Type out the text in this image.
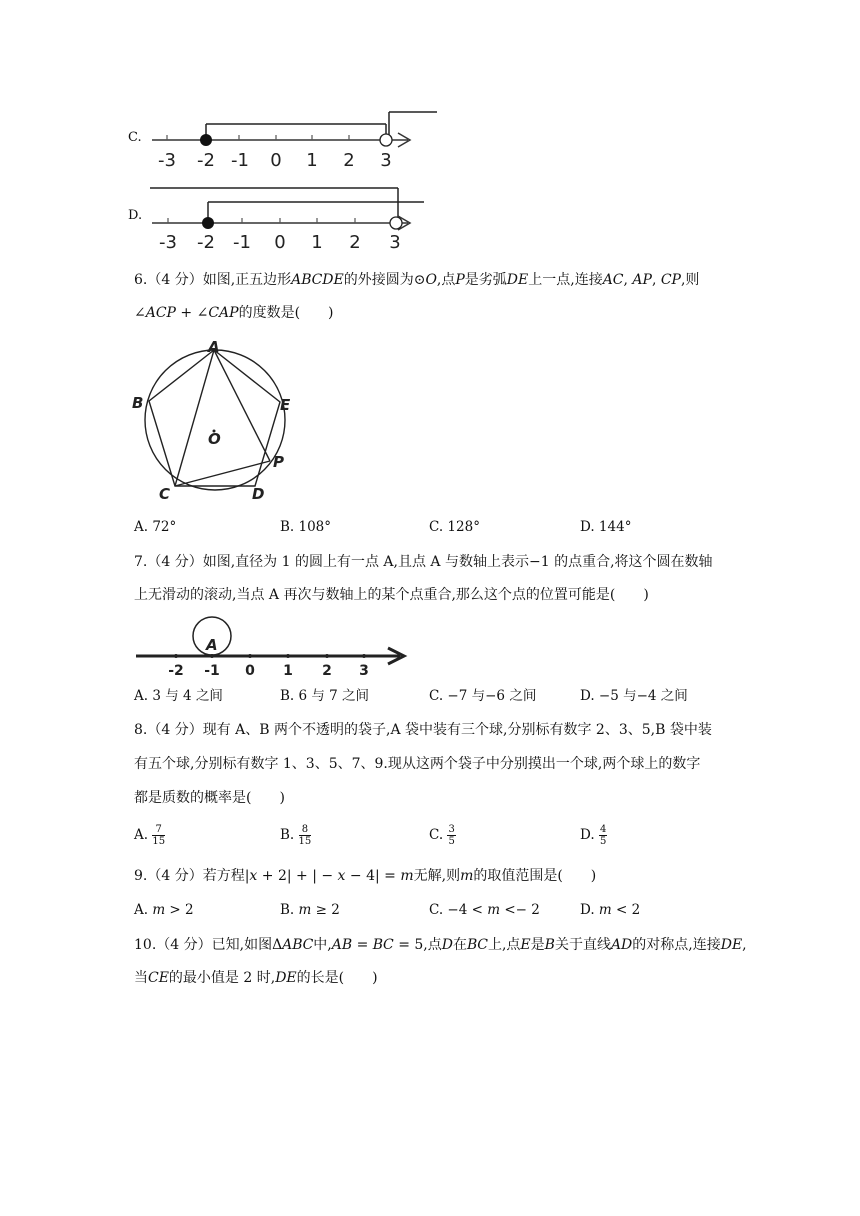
C.
-3 -2 -1 0 1 2 3
D.
-3 -2 -1 0 1 2 3
6.（4 分）如图,正五边形𝐴𝐵𝐶𝐷𝐸的外接圆为⊙𝑂,点𝑃是劣弧𝐷𝐸上一点,连接𝐴𝐶, 𝐴𝑃, 𝐶𝑃,则
∠𝐴𝐶𝑃 + ∠𝐶𝐴𝑃的度数是(　　)
A
B
C	D
E
O
P
A. 72°	B. 108°	C. 128°	D. 144°
7.（4 分）如图,直径为 1 的圆上有一点 A,且点 A 与数轴上表示−1 的点重合,将这个圆在数轴
上无滑动的滚动,当点 A 再次与数轴上的某个点重合,那么这个点的位置可能是(　　)
A
-2 -1 0 1 2 3
A. 3 与 4 之间	B. 6 与 7 之间	C. −7 与−6 之间	D. −5 与−4 之间
8.（4 分）现有 A、B 两个不透明的袋子,A 袋中装有三个球,分别标有数字 2、3、5,B 袋中装
有五个球,分别标有数字 1、3、5、7、9.现从这两个袋子中分别摸出一个球,两个球上的数字
都是质数的概率是(　　)
A. $\frac{7}{15}$	B. $\frac{8}{15}$	C. $\frac{3}{5}$	D. $\frac{4}{5}$
9.（4 分）若方程|𝑥 + 2| + | − 𝑥 − 4| = 𝑚无解,则𝑚的取值范围是(　　)
A. 𝑚 > 2	B. 𝑚 ≥ 2	C. −4 < 𝑚 <− 2	D. 𝑚 < 2
10.（4 分）已知,如图Δ𝐴𝐵𝐶中,𝐴𝐵 = 𝐵𝐶 = 5,点𝐷在𝐵𝐶上,点𝐸是𝐵关于直线𝐴𝐷的对称点,连接𝐷𝐸,
当𝐶𝐸的最小值是 2 时,𝐷𝐸的长是(　　)
